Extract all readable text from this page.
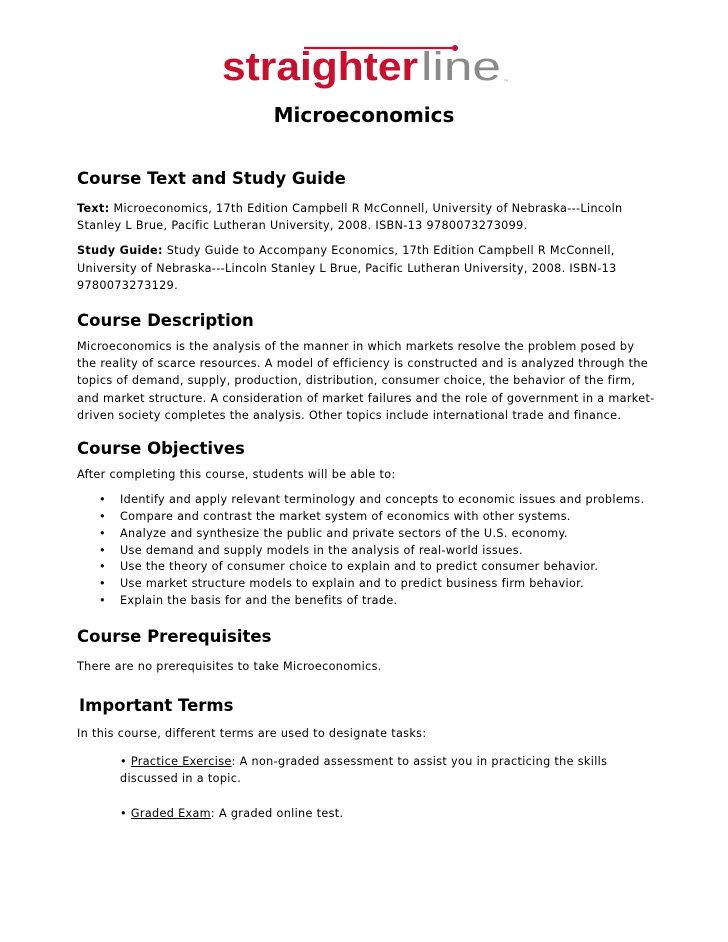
straighter line ™
Microeconomics
Course Text and Study Guide

Text: Microeconomics, 17th Edition Campbell R McConnell, University of Nebraska---Lincoln Stanley L Brue, Pacific Lutheran University, 2008. ISBN-13 9780073273099.

Study Guide: Study Guide to Accompany Economics, 17th Edition Campbell R McConnell, University of Nebraska---Lincoln Stanley L Brue, Pacific Lutheran University, 2008. ISBN-13 9780073273129.

Course Description

Microeconomics is the analysis of the manner in which markets resolve the problem posed by the reality of scarce resources. A model of efficiency is constructed and is analyzed through the topics of demand, supply, production, distribution, consumer choice, the behavior of the firm, and market structure. A consideration of market failures and the role of government in a market-driven society completes the analysis. Other topics include international trade and finance.

Course Objectives

After completing this course, students will be able to:

• Identify and apply relevant terminology and concepts to economic issues and problems.
• Compare and contrast the market system of economics with other systems.
• Analyze and synthesize the public and private sectors of the U.S. economy.
• Use demand and supply models in the analysis of real-world issues.
• Use the theory of consumer choice to explain and to predict consumer behavior.
• Use market structure models to explain and to predict business firm behavior.
• Explain the basis for and the benefits of trade.
Course Prerequisites

There are no prerequisites to take Microeconomics.

Important Terms

In this course, different terms are used to designate tasks:

• Practice Exercise: A non-graded assessment to assist you in practicing the skills discussed in a topic.

• Graded Exam: A graded online test.
